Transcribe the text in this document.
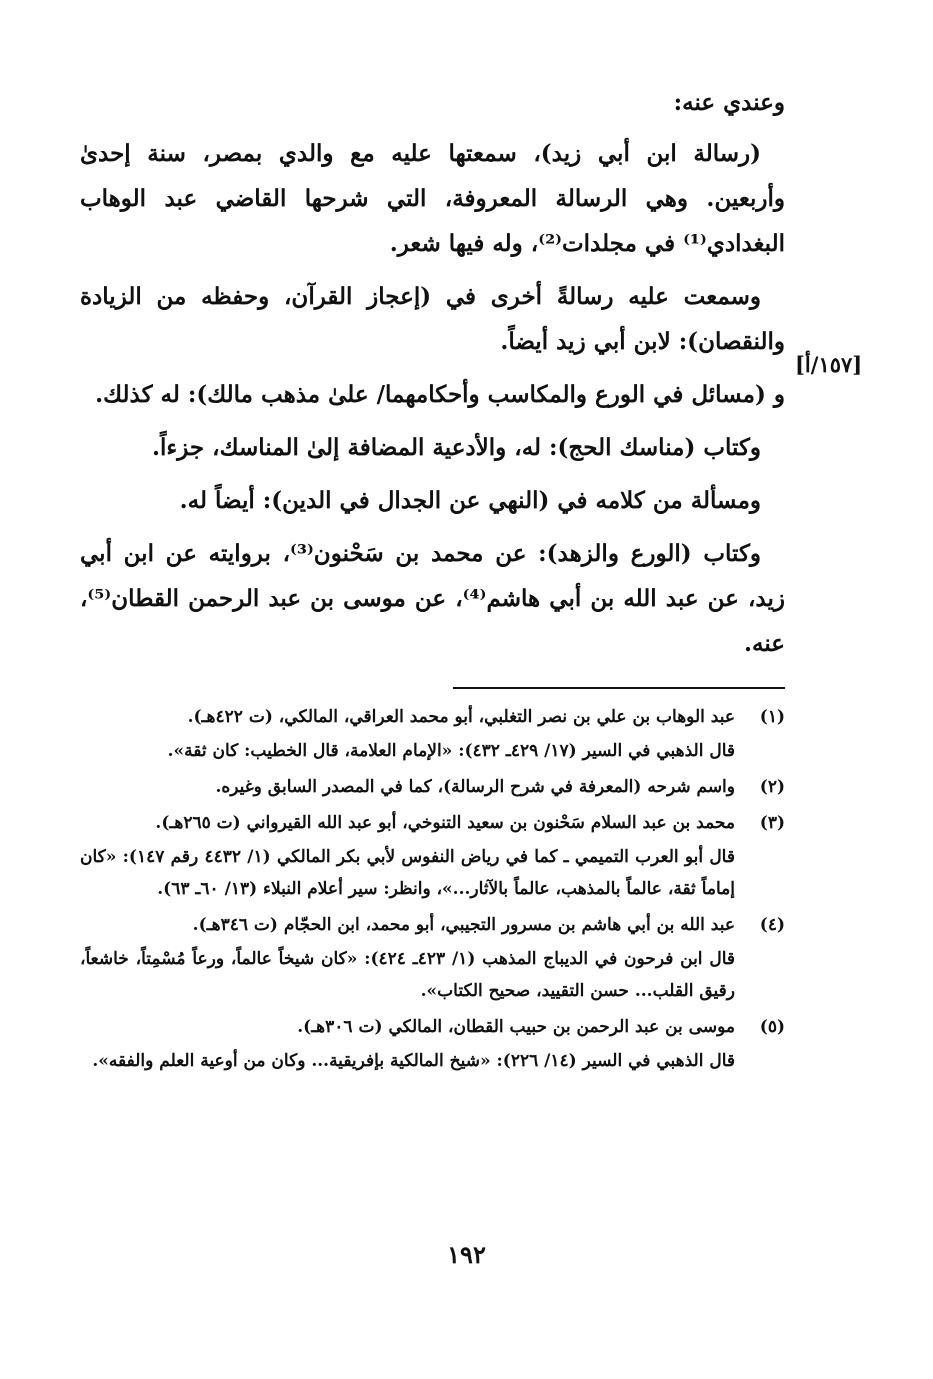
وعندي عنه:

(رسالة ابن أبي زيد)، سمعتها عليه مع والدي بمصر، سنة إحدىٰ وأربعين. وهي الرسالة المعروفة، التي شرحها القاضي عبد الوهاب البغدادي⁽¹⁾ في مجلدات⁽²⁾، وله فيها شعر.

وسمعت عليه رسالةً أخرى في (إعجاز القرآن، وحفظه من الزيادة والنقصان): لابن أبي زيد أيضاً.

و (مسائل في الورع والمكاسب وأحكامهما/ علىٰ مذهب مالك): له كذلك.

وكتاب (مناسك الحج): له، والأدعية المضافة إلىٰ المناسك، جزءاً.

ومسألة من كلامه في (النهي عن الجدال في الدين): أيضاً له.

وكتاب (الورع والزهد): عن محمد بن سَحْنون⁽³⁾، بروايته عن ابن أبي زيد، عن عبد الله بن أبي هاشم⁽⁴⁾، عن موسى بن عبد الرحمن القطان⁽⁵⁾، عنه.

[١٥٧/أ]
(١)
عبد الوهاب بن علي بن نصر التغلبي، أبو محمد العراقي، المالكي، (ت ٤٢٢هـ).
قال الذهبي في السير (١٧/ ٤٢٩ـ ٤٣٢): «الإمام العلامة، قال الخطيب: كان ثقة».
(٢)
واسم شرحه (المعرفة في شرح الرسالة)، كما في المصدر السابق وغيره.
(٣)
محمد بن عبد السلام سَحْنون بن سعيد التنوخي، أبو عبد الله القيرواني (ت ٢٦٥هـ).
قال أبو العرب التميمي ـ كما في رياض النفوس لأبي بكر المالكي (١/ ٤٤٣٢ رقم ١٤٧): «كان إماماً ثقة، عالماً بالمذهب، عالماً بالآثار...»، وانظر: سير أعلام النبلاء (١٣/ ٦٠ـ ٦٣).
(٤)
عبد الله بن أبي هاشم بن مسرور التجيبي، أبو محمد، ابن الحجّام (ت ٣٤٦هـ).
قال ابن فرحون في الديباج المذهب (١/ ٤٢٣ـ ٤٢٤): «كان شيخاً عالماً، ورعاً مُسْمِتاً، خاشعاً، رقيق القلب... حسن التقييد، صحيح الكتاب».
(٥)
موسى بن عبد الرحمن بن حبيب القطان، المالكي (ت ٣٠٦هـ).
قال الذهبي في السير (١٤/ ٢٢٦): «شيخ المالكية بإفريقية... وكان من أوعية العلم والفقه».
١٩٢
